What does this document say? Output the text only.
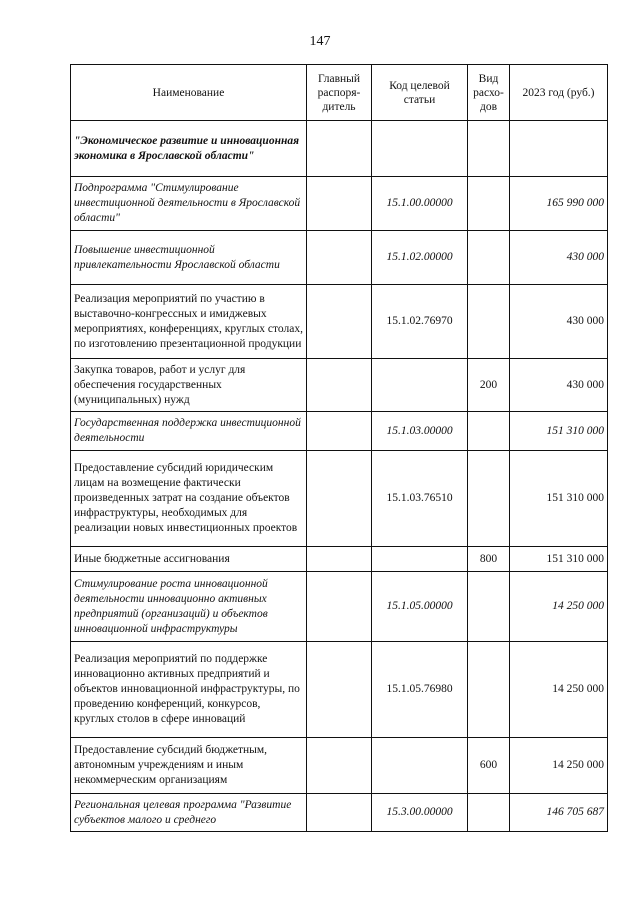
147
Наименование	Главный распоря-дитель	Код целевой статьи	Вид расхо-дов	2023 год (руб.)
"Экономическое развитие и инновационная экономика в Ярославской области"				
Подпрограмма "Стимулирование инвестиционной деятельности в Ярославской области"		15.1.00.00000		165 990 000
Повышение инвестиционной привлекательности Ярославской области		15.1.02.00000		430 000
Реализация мероприятий по участию в выставочно-конгрессных и имиджевых мероприятиях, конференциях, круглых столах, по изготовлению презентационной продукции		15.1.02.76970		430 000
Закупка товаров, работ и услуг для обеспечения государственных (муниципальных) нужд			200	430 000
Государственная поддержка инвестиционной деятельности		15.1.03.00000		151 310 000
Предоставление субсидий юридическим лицам на возмещение фактически произведенных затрат на создание объектов инфраструктуры, необходимых для реализации новых инвестиционных проектов		15.1.03.76510		151 310 000
Иные бюджетные ассигнования			800	151 310 000
Стимулирование роста инновационной деятельности инновационно активных предприятий (организаций) и объектов инновационной инфраструктуры		15.1.05.00000		14 250 000
Реализация мероприятий по поддержке инновационно активных предприятий и объектов инновационной инфраструктуры, по проведению конференций, конкурсов, круглых столов в сфере инноваций		15.1.05.76980		14 250 000
Предоставление субсидий бюджетным, автономным учреждениям и иным некоммерческим организациям			600	14 250 000
Региональная целевая программа "Развитие субъектов малого и среднего		15.3.00.00000		146 705 687
